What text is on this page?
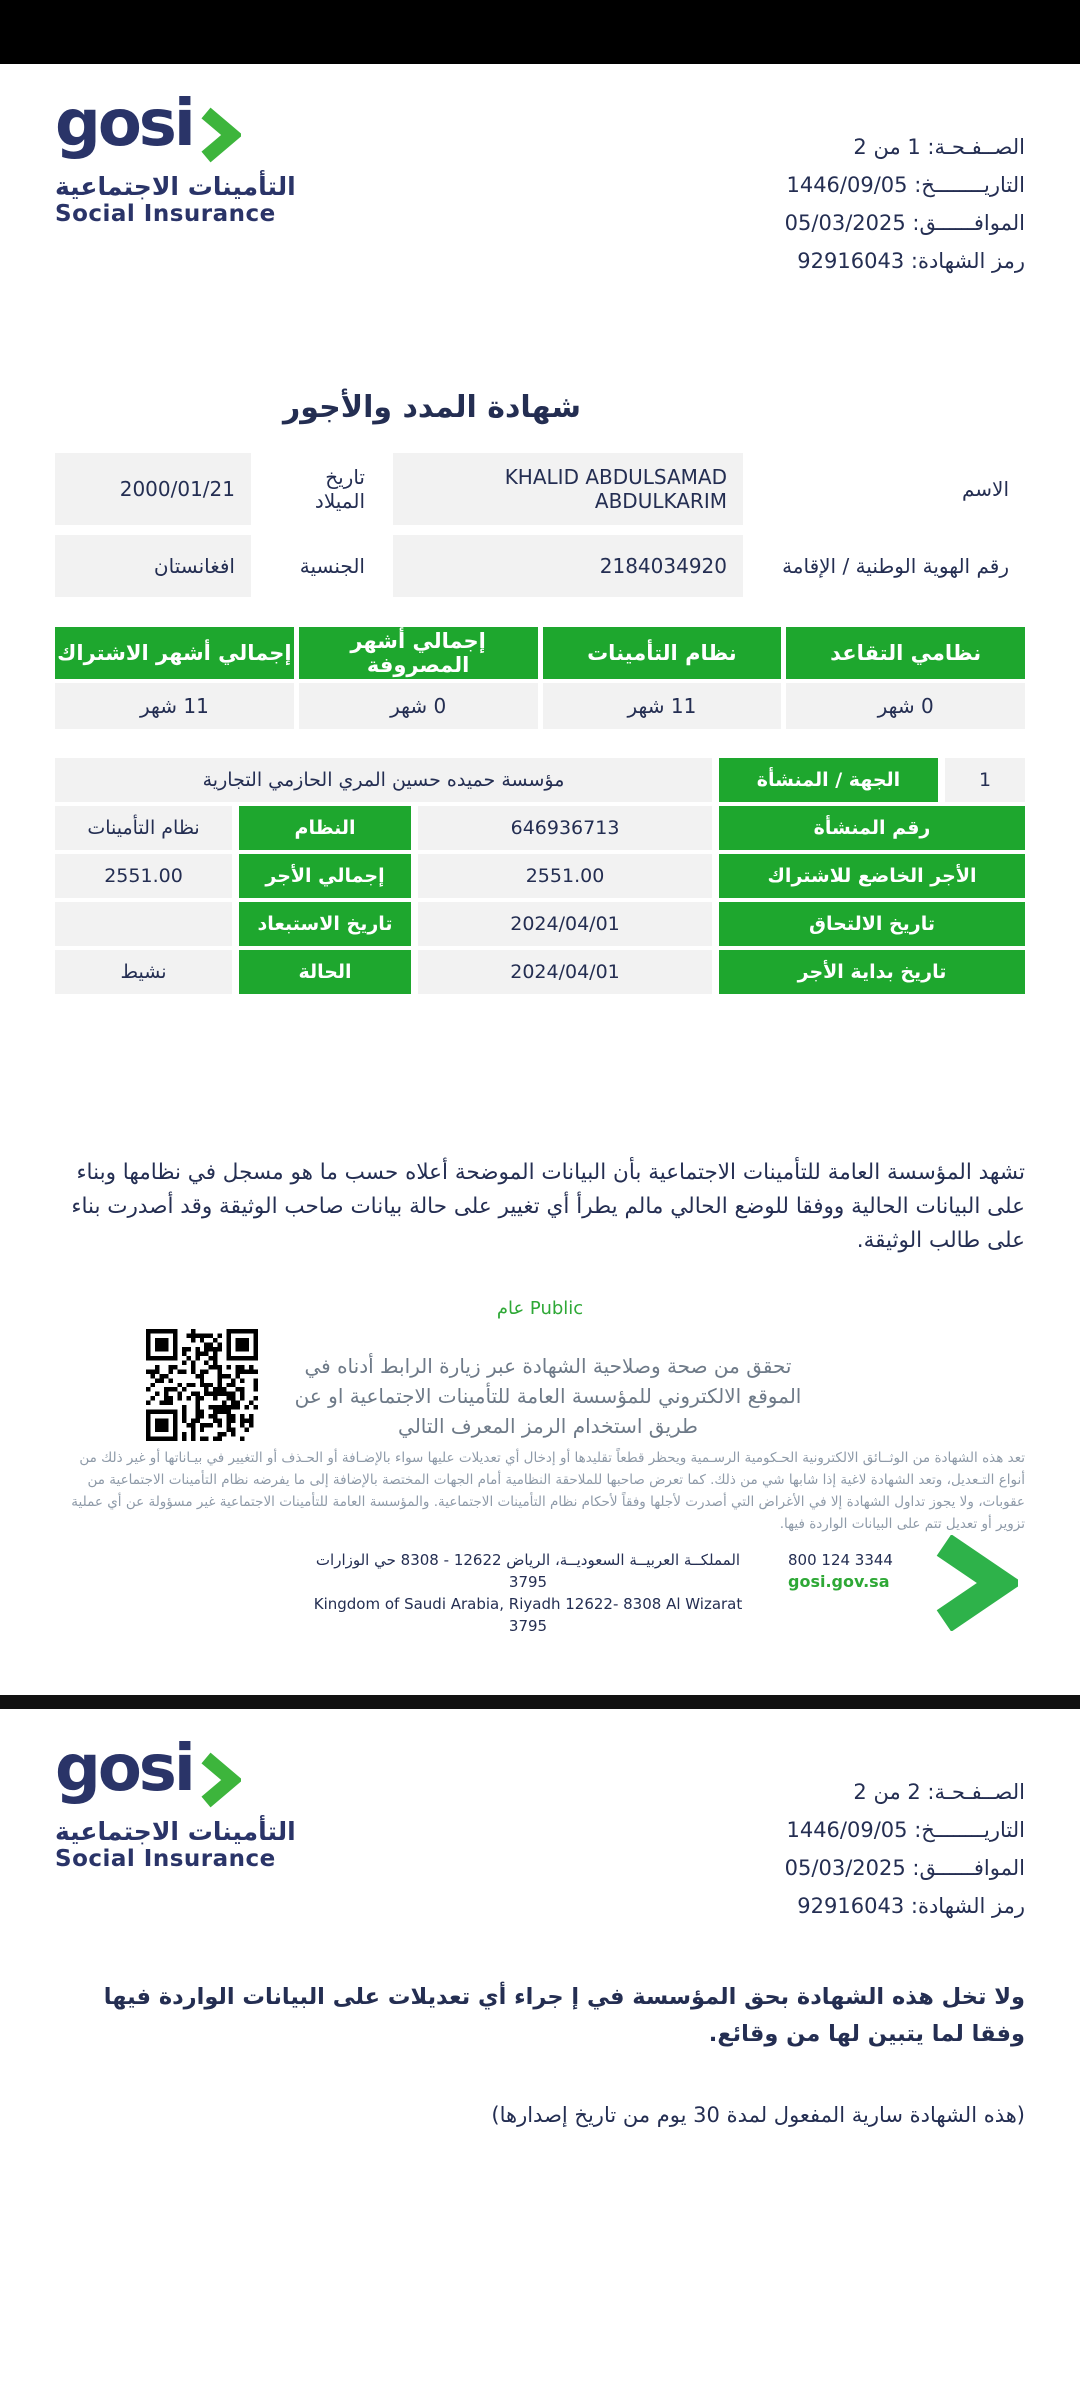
الصــفـحـة: 1 من 2
التاريــــــــخ: 1446/09/05
الموافــــــق: 05/03/2025
رمز الشهادة: 92916043
gosi
التأمينات الاجتماعية
Social Insurance
شهادة المدد والأجور
الاسم
KHALID ABDULSAMAD ABDULKARIM
تاريخ الميلاد
2000/01/21
رقم الهوية الوطنية / الإقامة
2184034920
الجنسية
افغانستان
نظامي التقاعد
نظام التأمينات
إجمالي أشهر المصروفة
إجمالي أشهر الاشتراك
0 شهر
11 شهر
0 شهر
11 شهر
1
الجهة / المنشأة
مؤسسة حميده حسين المري الحازمي التجارية
رقم المنشأة
646936713
النظام
نظام التأمينات
الأجر الخاضع للاشتراك
2551.00
إجمالي الأجر
2551.00
تاريخ الالتحاق
2024/04/01
تاريخ الاستبعاد
تاريخ بداية الأجر
2024/04/01
الحالة
نشيط

تشهد المؤسسة العامة للتأمينات الاجتماعية بأن البيانات الموضحة أعلاه حسب ما هو مسجل في نظامها وبناء على البيانات الحالية ووفقا للوضع الحالي مالم يطرأ أي تغيير على حالة بيانات صاحب الوثيقة وقد أصدرت بناء على طالب الوثيقة.

عام Public
تحقق من صحة وصلاحية الشهادة عبر زيارة الرابط أدناه في الموقع الالكتروني للمؤسسة العامة للتأمينات الاجتماعية او عن طريق استخدام الرمز المعرف التالي

تعد هذه الشهادة من الوثــائق الالكترونية الحـكومية الرسـمية ويحظر قطعاً تقليدها أو إدخال أي تعديلات عليها سواء بالإضـافة أو الحـذف أو التغيير في بيـاناتها أو غير ذلك من أنواع التـعديل، وتعد الشهادة لاغية إذا شابها شي من ذلك. كما تعرض صاحبها للملاحقة النظامية أمام الجهات المختصة بالإضافة إلى ما يفرضه نظام التأمينات الاجتماعية من عقوبات، ولا يجوز تداول الشهادة إلا في الأغراض التي أصدرت لأجلها وفقاً لأحكام نظام التأمينات الاجتماعية. والمؤسسة العامة للتأمينات الاجتماعية غير مسؤولة عن أي عملية تزوير أو تعديل تتم على البيانات الواردة فيها.

المملكــة العربيــة السعوديــة، الرياض 12622 - 8308 حي الوزارات 3795
Kingdom of Saudi Arabia, Riyadh 12622- 8308 Al Wizarat 3795
800 124 3344
gosi.gov.sa
الصــفـحـة: 2 من 2
التاريــــــــخ: 1446/09/05
الموافــــــق: 05/03/2025
رمز الشهادة: 92916043
gosi
التأمينات الاجتماعية
Social Insurance

ولا تخل هذه الشهادة بحق المؤسسة في إ جراء أي تعديلات على البيانات الواردة فيها وفقا لما يتبين لها من وقائع.

(هذه الشهادة سارية المفعول لمدة 30 يوم من تاريخ إصدارها)
